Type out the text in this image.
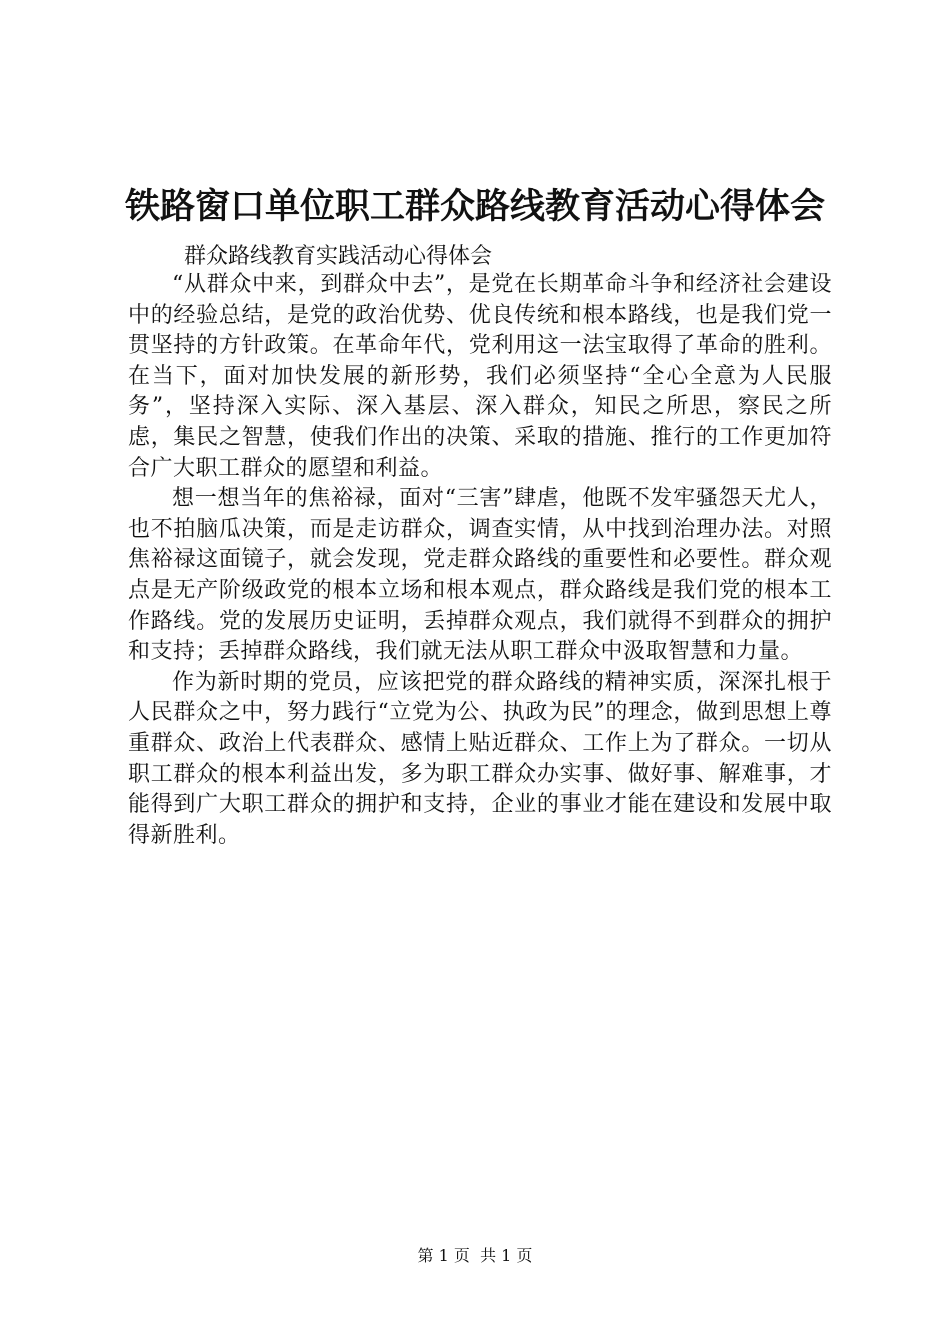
铁路窗口单位职工群众路线教育活动心得体会

群众路线教育实践活动心得体会

“从群众中来，到群众中去”，是党在长期革命斗争和经济社会建设中的经验总结，是党的政治优势、优良传统和根本路线，也是我们党一贯坚持的方针政策。在革命年代，党利用这一法宝取得了革命的胜利。在当下，面对加快发展的新形势，我们必须坚持“全心全意为人民服务”，坚持深入实际、深入基层、深入群众，知民之所思，察民之所虑，集民之智慧，使我们作出的决策、采取的措施、推行的工作更加符合广大职工群众的愿望和利益。

想一想当年的焦裕禄，面对“三害”肆虐，他既不发牢骚怨天尤人，也不拍脑瓜决策，而是走访群众，调查实情，从中找到治理办法。对照焦裕禄这面镜子，就会发现，党走群众路线的重要性和必要性。群众观点是无产阶级政党的根本立场和根本观点，群众路线是我们党的根本工作路线。党的发展历史证明，丢掉群众观点，我们就得不到群众的拥护和支持；丢掉群众路线，我们就无法从职工群众中汲取智慧和力量。

作为新时期的党员，应该把党的群众路线的精神实质，深深扎根于人民群众之中，努力践行“立党为公、执政为民”的理念，做到思想上尊重群众、政治上代表群众、感情上贴近群众、工作上为了群众。一切从职工群众的根本利益出发，多为职工群众办实事、做好事、解难事，才能得到广大职工群众的拥护和支持，企业的事业才能在建设和发展中取得新胜利。

第 1 页  共 1 页
